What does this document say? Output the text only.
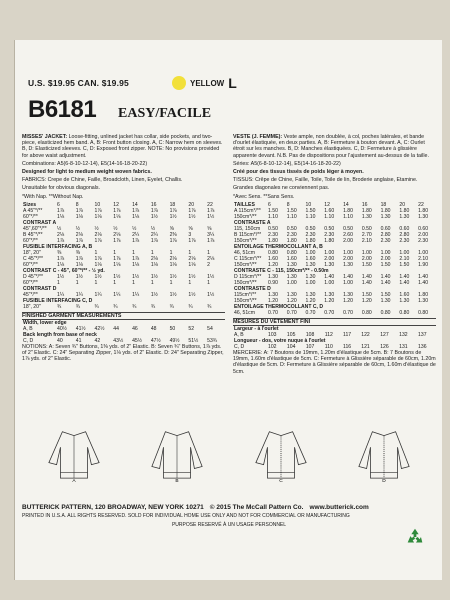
U.S. $19.95 CAN. $19.95	YELLOW L
B6181 EASY/FACILE

MISSES' JACKET: Loose-fitting, unlined jacket has collar, side pockets, and two-piece, elasticized hem band. A, B: Front button closing. A, C: Narrow hem on sleeves. B, D: Elasticized sleeves. C, D: Exposed front zipper. NOTE: No provisions provided for above waist adjustment.

Combinations: A5(6-8-10-12-14), E5(14-16-18-20-22)

Designed for light to medium weight woven fabrics.

FABRICS: Crepe de Chine, Faille, Broadcloth, Linen, Eyelet, Challis.

Unsuitable for obvious diagonals.

*With Nap. **Without Nap.

Sizes	6	8	10	12	14	16	18	20	22
A 45"*/**	1⅞	1⅞	1⅞	1⅞	1⅞	1⅞	1⅞	1⅞	1⅞
60"*/**	1⅛	1⅛	1⅛	1⅛	1⅛	1½	1½	1½	1½
CONTRAST A									
45",60"*/**	½	½	½	½	½	½	⅝	⅝	⅝
B 45"*/**	2⅛	2⅛	2⅛	2⅛	2¼	2¼	2⅜	3	3¼
60"*/**	1⅞	1⅞	1⅞	1⅞	1⅞	1⅞	1⅞	1⅞	1⅞
FUSIBLE INTERFACING A, B									
18", 20"	⅜	⅜	1	1	1	1	1	1	1
C 45"*/**	1⅞	1⅞	1⅞	1⅞	1⅞	2⅛	2⅛	2⅛	2⅛
60"*/**	1⅛	1⅛	1⅛	1⅛	1⅛	1⅛	1⅛	1⅛	2
CONTRAST C - 45", 60"*/** - ½ yd.									
D 45"*/**	1½	1½	1½	1½	1½	1½	1½	1½	1½
60"*/**	1	1	1	1	1	1	1	1	1
CONTRAST D									
45"*/**	1¼	1¼	1¼	1¼	1¼	1½	1½	1½	1½
FUSIBLE INTERFACING C, D									
18", 20"	¾	¾	¾	¾	¾	¾	¾	¾	¾
FINISHED GARMENT MEASUREMENTS
Width, lower edge									
A, B	40½	41½	42½	44	46	48	50	52	54
Back length from base of neck									
C, D	40	41	42	43½	45½	47½	49½	51½	53¾

NOTIONS: A: Seven ¾" Buttons, 1⅜ yds. of 2" Elastic. B: Seven ¾" Buttons, 1⅞ yds. of 2" Elastic. C: 24" Separating Zipper, 1⅛ yds. of 2" Elastic. D: 24" Separating Zipper, 1⅞ yds. of 2" Elastic.

VESTE (J. FEMME): Veste ample, non doublée, à col, poches latérales, et bande d'ourlet élastiquée, en deux parties. A, B: Fermeture à bouton devant. A, C: Ourlet étroit sur les manches. B, D: Manches élastiquées. C, D: Fermeture à glissière apparente devant. N.B. Pas de dispositions pour l'ajustement au-dessus de la taille.

Séries: A5(6-8-10-12-14), E5(14-16-18-20-22)

Créé pour des tissus tissés de poids léger à moyen.

TISSUS: Crêpe de Chine, Faille, Toile, Toile de lin, Broderie anglaise, Etamine.

Grandes diagonales ne conviennent pas.

*Avec Sens. **Sans Sens.

TAILLES	6	8	10	12	14	16	18	20	22
A 115cm*/**	1.50	1.50	1.50	1.60	1.80	1.80	1.80	1.80	1.80
150cm*/**	1.10	1.10	1.10	1.10	1.10	1.30	1.30	1.30	1.30
CONTRASTE A									
115, 150cm	0.50	0.50	0.50	0.50	0.50	0.50	0.60	0.60	0.60
B 115cm*/**	2.30	2.30	2.30	2.30	2.60	2.70	2.80	2.80	2.00
150cm*/**	1.80	1.80	1.80	1.80	2.00	2.10	2.30	2.30	2.30
ENTOILAGE THERMOCOLLANT A, B									
46, 51cm	0.80	0.80	1.00	1.00	1.00	1.00	1.00	1.00	1.00
C 115cm*/**	1.60	1.60	1.60	2.00	2.00	2.00	2.00	2.10	2.10
150cm*/**	1.20	1.30	1.30	1.30	1.30	1.50	1.50	1.50	1.90
CONTRASTE C - 115, 150cm*/** - 0.50m									
D 115cm*/**	1.30	1.30	1.30	1.40	1.40	1.40	1.40	1.40	1.40
150cm*/**	0.90	1.00	1.00	1.00	1.00	1.40	1.40	1.40	1.40
CONTRASTE D									
115cm*/**	1.30	1.30	1.30	1.30	1.30	1.50	1.50	1.60	1.80
150cm*/**	1.20	1.20	1.20	1.20	1.20	1.20	1.30	1.30	1.30
ENTOILAGE THERMOCOLLANT C, D									
46, 51cm	0.70	0.70	0.70	0.70	0.70	0.80	0.80	0.80	0.80
MESURES DU VÊTEMENT FINI
Largeur - à l'ourlet									
A, B	103	105	108	112	117	122	127	132	137
Longueur - dos, votre nuque à l'ourlet									
C, D	102	104	107	110	116	121	126	131	136

MERCERIE: A: 7 Boutons de 19mm, 1.20m d'élastique de 5cm. B: 7 Boutons de 19mm, 1.60m d'élastique de 5cm. C: Fermeture à Glissière séparable de 60cm, 1.20m d'élastique de 5cm. D: Fermeture à Glissière séparable de 60cm, 1.60m d'élastique de 5cm.

A	B	C	D
BUTTERICK PATTERN, 120 BROADWAY, NEW YORK 10271 © 2015 The McCall Pattern Co. www.butterick.com
PRINTED IN U.S.A. ALL RIGHTS RESERVED. SOLD FOR INDIVIDUAL HOME USE ONLY AND NOT FOR COMMERCIAL OR MANUFACTURING
PURPOSE RESERVÉ À UN USAGE PERSONNEL
